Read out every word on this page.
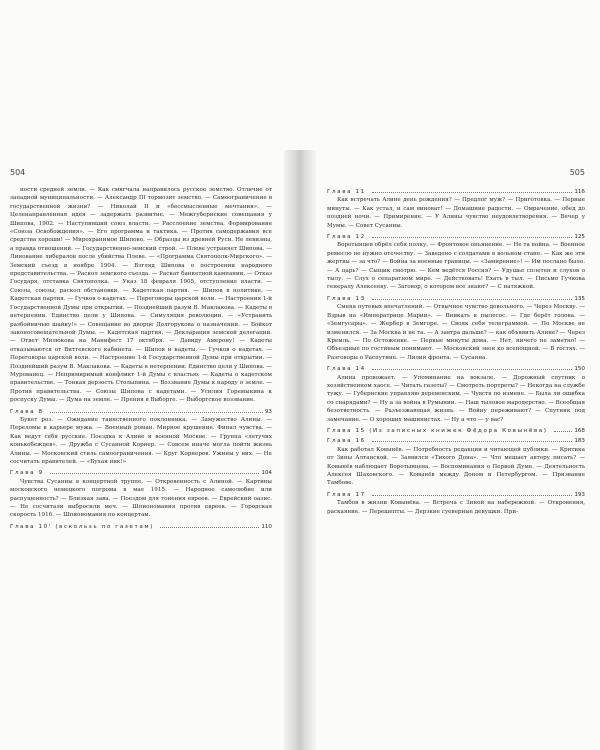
504

ности средней земли. — Как смягчала направилось русское земство. Отличие от западной муниципальности. — Александр III тормозит земство. — Самоограничение в государственной жизни? — Николай II и «бессмысленные мечтания». — Целенаправленная идея — задержать развитие. — Межгубернские совещания у Шипова, 1902. — Наступивший союз власти. — Расслоение земства. Формирование «Союза Освобождения». — Его программа и тактика. — Против самодержавия все средства хороши! — Мирохранимое Шипово. — Образцы из древней Руси. Не левизны, а правда отношений. — Государственно-земский строй. — Плеве устраняет Шипова. — Линование либералов после убийства Плеве. — «Программа Святополк-Мирского». — Земский съезд в ноябре 1904. — Взгляд Шипова о построении народного представительства. — Раскол земского съезда. — Раскат банкетной кампании. — Отказ Государя, отставка Святополка. — Указ 18 февраля 1905, отступление власти. — Союзы, союзы, раскол обстановки. — Кадетская партия. — Шипов в политике. — Кадетская партия. — Гучков о кадетах. — Переговоры царской воли. — Настроения 1-й Государственной Думы при открытии. — Позднейший разум В. Маклакова. — Кадеты в нетерпении. Единство цели у Шипова. — Симуляция революции. — «Устранить разбойничью шайку!» — Совещание во дворце Долгорукова о назначении. — Бойкот законосовещательной Думы. — Кадетская партия. — Декларация земской делегации. — Ответ Милюкова на Манифест 17 октября. — Давиду Амерону! — Кадеты отказываются от Виттевского кабинета. — Шипов и кадеты. — Гучков о кадетах. — Переговоры царской воли. — Настроение 1-й Государственной Думы при открытии. — Позднейший разум В. Маклакова. — Кадеты в нетерпении. Единство цели у Шипова. — Мурованец. — Непримиримый конфликт 1-й Думы с властью. — Кадеты о кадетском правительстве. — Тонкая дерзость Столыпина. — Воззвание Думы к народу о земле. — Против правительства. — Союзы Шипова с кадетами. — Усилия Горемыкина к роспуску Думы. — Дума на земле. — Прения в Выборге. — Выборгское воззвание.

Глава 8	93

Букет роз. — Ожидание таинственного поклонника. — Замужество Алины. — Переломы в карьере мужа. — Военный роман. Мирное крушение. Финал чувства. — Как ведут себя русские. Поездка к Алине и военной Москве. — Группа «летучих конькобежцев». — Дружба с Сусанной Корнер. — Совсем иначе могла пойти жизнь Алины. — Московский стиль самоограничения. — Круг Корнеров. Ужины у них. — Не сосчитать правителей. — «Бухая ник!»

Глава 9	104

Чувства Сусанны в концертной труппе. — Откровенность с Алиной. — Картины московского немецкого погрома в мае 1915. — Народное самолюбие или распущенность? — Близкая зава. — Поездом для гонения евреев. — Еврейский оазис. — Не сосчитали выбросили меч. — Шпиономания против евреев. — Городская скорость 1916. — Шпиономания по концертам.

Глава 10' (вскользь по газетам)	110
505
Глава 11	116

Как встречать Алине день рождения? — Предлог муж? — Приготовка. — Первые минуты. — Как устал, и сам виноват! — Домашние радости. — Омрачение, обед до поздней ночи. — Примирение. — У Алины чувство неудовлетворения. — Вечер у Мумы. — Совет Сусанны.

Глава 12	125

Воротынцев обрёл себя полку. — Фронтовое опьянение. — Не та война. — Военное ремесло не нужно отечеству. — Заведено с солдатами в вольном стане. — Как же эти жертвы — за что? — Война за военные границы. — «Замирение»! — Им послано было. — А царь? — Сыщик смотрю. — Кем ведётся Россия? — Удушье сплетен и слухов о тылу. — Слух о сепаратном мире. — Действовать! Ехать в тыл. — Письмо Гучкова генералу Алексееву. — Заговор, о котором все знают? — С натяжкой.

Глава 13	135

Смена путевых впечатлений. — Отвычное чувство довольного. — Через Москву. — Взрыв на «Императрице Марии». — Вникать в пылесос. — Где берёт голова. — «Земгусары». — Жербер в Земгоре. — Свояк себя телеграммой. — По Москве не изменился. — За Москва и не та. — А завтра дальше? — как объявить Алине? — Через Кремль. — По Остоженке. — Первые минуты дома. — Нет, ничего не заметно! — Объездные по гостиным понимают. — Московский звон ко всенощной. — В гостях. — Разговоры о Распутине. — Лилии фронта. — Сусанна.

Глава 14	150

Алина провожает. — Упоминание на вокзале. — Дорожный спутник о хозяйственном хаосе. — Читать газеты? — Смотреть портреты? — Некогда на службе тужу. — Губернские управляю деревенским. — Чувств по измене. — Была ли ошибка со снарядами? — Ну а за война в Румынии. — Наш тыловое мародерство. — Всеобщая безответность. — Разъезжающая жизнь. — Войну переживают? — Спутник под замечание. — О хороших машинистах. — Ну а что — у вас?

Глава 15 (Из записных книжек Фёдора Ковынёва)	168
Глава 16	183

Как работал Ковынёв. — Потребность редакции и читающей публики. — Критика от Зины Алтанской. — Заявился «Тихого Дона». — Что мешает автору писать? — Ковынёв наблюдает Воротынцева. — Воспоминания о Первой Думе. — Деятельность Алексея Шаховского. — Ковынёв между Доном и Петербургом. — Призвание Тамбове.

Глава 17	193

Тамбов в жизни Ковынёва. — Встреча с Зиной на набережной. — Откровения, раскаяние. — Перешепты. — Дерзкие суеверные девушки. При-
